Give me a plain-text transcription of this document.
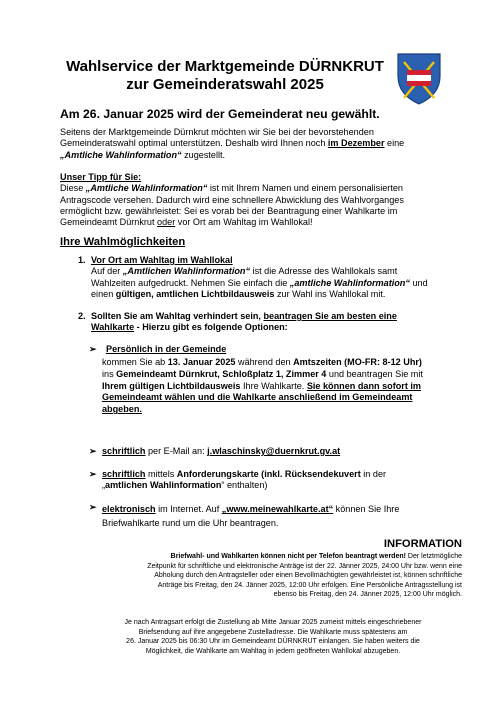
Wahlservice der Marktgemeinde DÜRNKRUT
zur Gemeinderatswahl 2025
Am 26. Januar 2025 wird der Gemeinderat neu gewählt.
Seitens der Marktgemeinde Dürnkrut möchten wir Sie bei der bevorstehenden
Gemeinderatswahl optimal unterstützen. Deshalb wird Ihnen noch im Dezember eine
„Amtliche Wahlinformation“ zugestellt.
Unser Tipp für Sie:
Diese „Amtliche Wahlinformation“ ist mit Ihrem Namen und einem personalisierten
Antragscode versehen. Dadurch wird eine schnellere Abwicklung des Wahlvorganges
ermöglicht bzw. gewährleistet: Sei es vorab bei der Beantragung einer Wahlkarte im
Gemeindeamt Dürnkrut oder vor Ort am Wahltag im Wahllokal!
Ihre Wahlmöglichkeiten
1. Vor Ort am Wahltag im Wahllokal
Auf der „Amtlichen Wahlinformation“ ist die Adresse des Wahllokals samt
Wahlzeiten aufgedruckt. Nehmen Sie einfach die „amtliche Wahlinformation“ und
einen gültigen, amtlichen Lichtbildausweis zur Wahl ins Wahllokal mit.
2. Sollten Sie am Wahltag verhindert sein, beantragen Sie am besten eine
Wahlkarte - Hierzu gibt es folgende Optionen:
➢ Persönlich in der Gemeinde
kommen Sie ab 13. Januar 2025 während den Amtszeiten (MO-FR: 8-12 Uhr)
ins Gemeindeamt Dürnkrut, Schloßplatz 1, Zimmer 4 und beantragen Sie mit
Ihrem gültigen Lichtbildausweis Ihre Wahlkarte. Sie können dann sofort im
Gemeindeamt wählen und die Wahlkarte anschließend im Gemeindeamt
abgeben.
➢ schriftlich per E-Mail an: j.wlaschinsky@duernkrut.gv.at
➢ schriftlich mittels Anforderungskarte (inkl. Rücksendekuvert in der
„amtlichen Wahlinformation“ enthalten)
➢ elektronisch im Internet. Auf „www.meinewahlkarte.at“ können Sie Ihre
Briefwahlkarte rund um die Uhr beantragen.
INFORMATION
Briefwahl- und Wahlkarten können nicht per Telefon beantragt werden! Der letztmögliche
Zeitpunkt für schriftliche und elektronische Anträge ist der 22. Jänner 2025, 24:00 Uhr bzw. wenn eine
Abholung durch den Antragsteller oder einen Bevollmächtigten gewährleistet ist, können schriftliche
Anträge bis Freitag, den 24. Jänner 2025, 12:00 Uhr erfolgen. Eine Persönliche Antragsstellung ist
ebenso bis Freitag, den 24. Jänner 2025, 12:00 Uhr möglich.
Je nach Antragsart erfolgt die Zustellung ab Mitte Januar 2025 zumeist mittels eingeschriebener
Briefsendung auf ihre angegebene Zustelladresse. Die Wahlkarte muss spätestens am
26. Januar 2025 bis 06:30 Uhr im Gemeindeamt DÜRNKRUT einlangen. Sie haben weiters die
Möglichkeit, die Wahlkarte am Wahltag in jedem geöffneten Wahllokal abzugeben.
